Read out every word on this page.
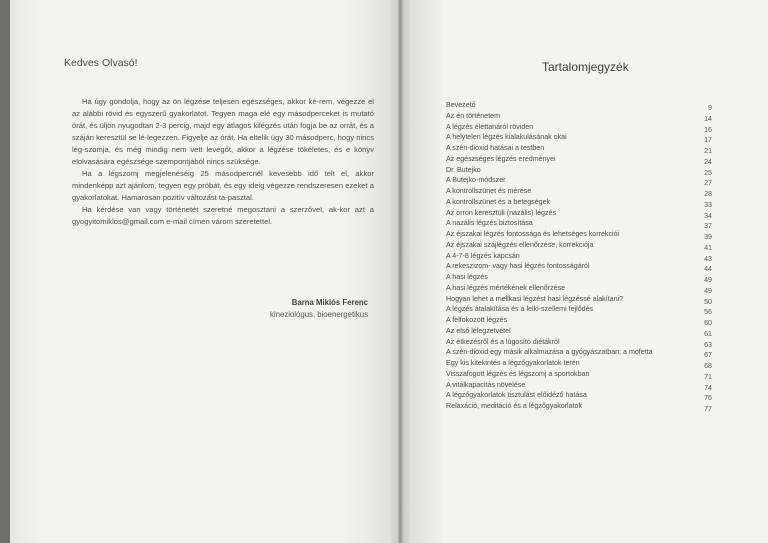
Kedves Olvasó!

Ha úgy gondolja, hogy az ön légzése teljesen egészséges, akkor ké-rem, végezze el az alábbi rövid és egyszerű gyakorlatot. Tegyen maga elé egy másodperceket is mutató órát, és üljön nyugodtan 2-3 percig, majd egy átlagos kilégzés után fogja be az orrát, és a száján keresztül se lé-legezzen. Figyelje az órát. Ha eltelik úgy 30 másodperc, hogy nincs lég-szomja, és még mindig nem vett levegőt, akkor a légzése tökéletes, és e könyv elolvasására egészsége szempontjából nincs szüksége.

Ha a légszomj megjelenéséig 25 másodpercnél kevesebb idő telt el, akkor mindenképp azt ajánlom, tegyen egy próbát, és egy ideig végezze rendszeresen ezeket a gyakorlatokat. Hamarosan pozitív változást ta-pasztal.

Ha kérdése van vagy történetét szeretné megosztani a szerzővel, ak-kor azt a gyogyitomiklos@gmail.com e-mail címen várom szeretettel.

Barna Miklós Ferenc
kineziológus, bioenergetikus
Tartalomjegyzék
Bevezető	9
Az én történetem	14
A légzés élettanáról röviden	16
A helytelen légzés kialakulásának okai	17
A szén-dioxid hatásai a testben	21
Az egészséges légzés eredményei	24
Dr. Butejko	25
A Butejko-módszer	27
A kontrollszünet és mérése	28
A kontrollszünet és a betegségek	33
Az orron keresztüli (nazális) légzés	34
A nazális légzés biztosítása	37
Az éjszakai légzés fontossága és lehetséges korrekciói	39
Az éjszakai szájlégzés ellenőrzése, korrekciója	41
A 4-7-8 légzés kapcsán	43
A rekeszizom- vagy hasi légzés fontosságáról	44
A hasi légzés	49
A hasi légzés mértékének ellenőrzése	49
Hogyan lehet a mellkasi légzést hasi légzéssé alakítani?	50
A légzés átalakítása és a lelki-szellemi fejlődés	56
A felfokozott légzés	60
Az első lélegzetvétel	61
Az étkezésről és a lúgosító diétákról	63
A szén-dioxid egy másik alkalmazása a gyógyászatban: a mofetta	67
Egy kis kitekintés a légzőgyakorlatok terén	68
Visszafogott légzés és légszomj a sportokban	71
A vitálkapacitás növelése	74
A légzőgyakorlatok tisztulást előidéző hatása	76
Relaxáció, meditáció és a légzőgyakorlatok	77
